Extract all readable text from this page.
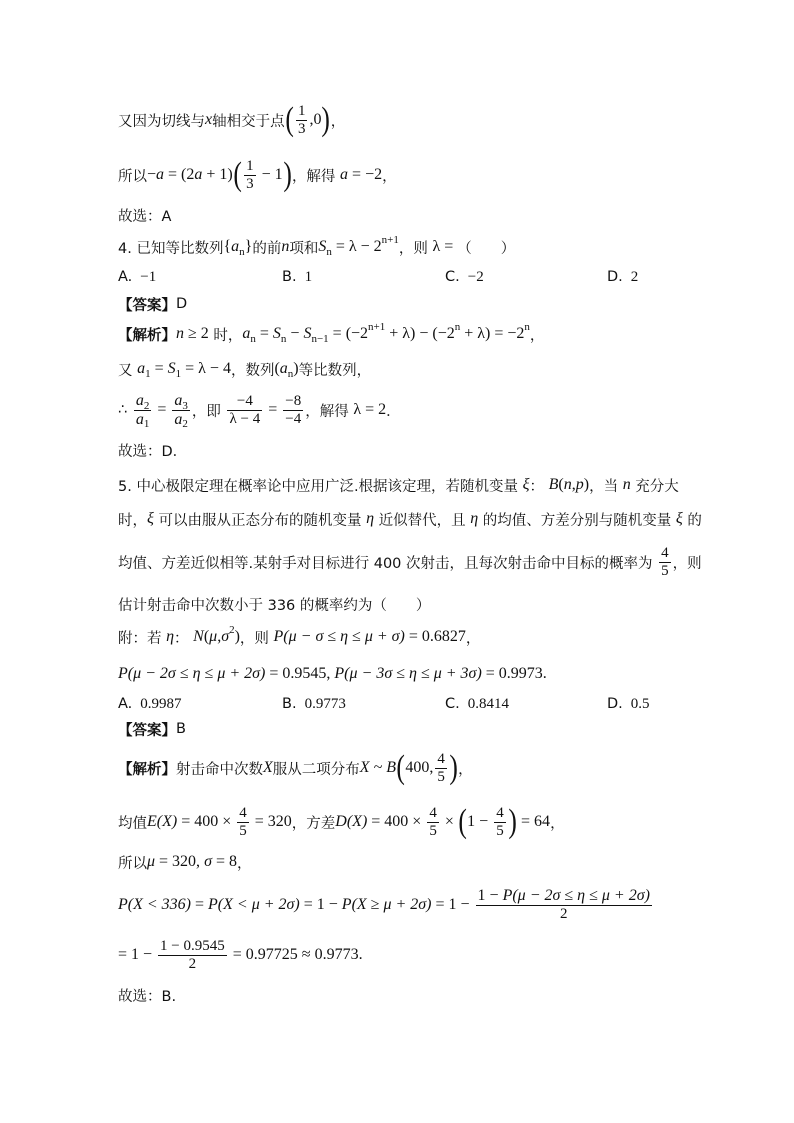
又因为切线与 x 轴相交于点 ( $\frac{1}{3} ,0$ ) ，
所以 − a = (2 a + 1) ( $\frac{1}{3} - 1$ ) ，解得 a = −2 ，
故选：A
4. 已知等比数列 { a n } 的前 n 项和 S n = λ − 2 n+1
，则 λ = （　　）
A. −1	B. 1	C. −2	D. 2
【答案】 D
【解析】 n ≥ 2 时， a n = S n − S n−1 = (−2 n+1 + λ) − (−2 n + λ) = −2 n
，
又 a 1 = S 1 = λ − 4 ，数列 ( a n ) 等比数列，
∴ $\frac{a 2}{a 1} = \frac{a 3}{a 2}$ ，即 $\frac{-4}{\lambda - 4} = \frac{-8}{-4}$ ，解得 λ = 2 ．
故选：D．
5. 中心极限定理在概率论中应用广泛.根据该定理，若随机变量 ξ ： B ( n , p ) ，当 n 充分大
时， ξ 可以由服从正态分布的随机变量 η 近似替代，且 η 的均值、方差分别与随机变量 ξ 的
均值、方差近似相等.某射手对目标进行 400 次射击，且每次射击命中目标的概率为 $\frac{4}{5}$ ，则
估计射击命中次数小于 336 的概率约为（　　）
附：若 η ： N ( μ , σ 2 ) ，则 P(μ − σ ≤ η ≤ μ + σ) = 0.6827 ，
P(μ − 2σ ≤ η ≤ μ + 2σ) = 0.9545, P(μ − 3σ ≤ η ≤ μ + 3σ) = 0.9973.
A. 0.9987	B. 0.9773	C. 0.8414	D. 0.5
【答案】 B
【解析】 射击命中次数 X 服从二项分布 X ~ B ( 400, $\frac{4}{5}$ ) ，
均值 $E(X) = 400 \times \frac{4}{5} = 320$ ，方差 $D(X) = 400 \times \frac{4}{5}$ × ( $1 - \frac{4}{5}$ ) = 64 ，
所以 μ = 320, σ = 8 ，
$P(X < 336) = P(X < \mu + 2\sigma) = 1 - P(X \ge \mu + 2\sigma) = 1 - \frac{1 - P(\mu - 2\sigma \le \eta \le \mu + 2\sigma)}{2}$
= $1 - \frac{1 - 0.9545}{2} = 0.97725 \approx 0.9773$.
故选：B.
